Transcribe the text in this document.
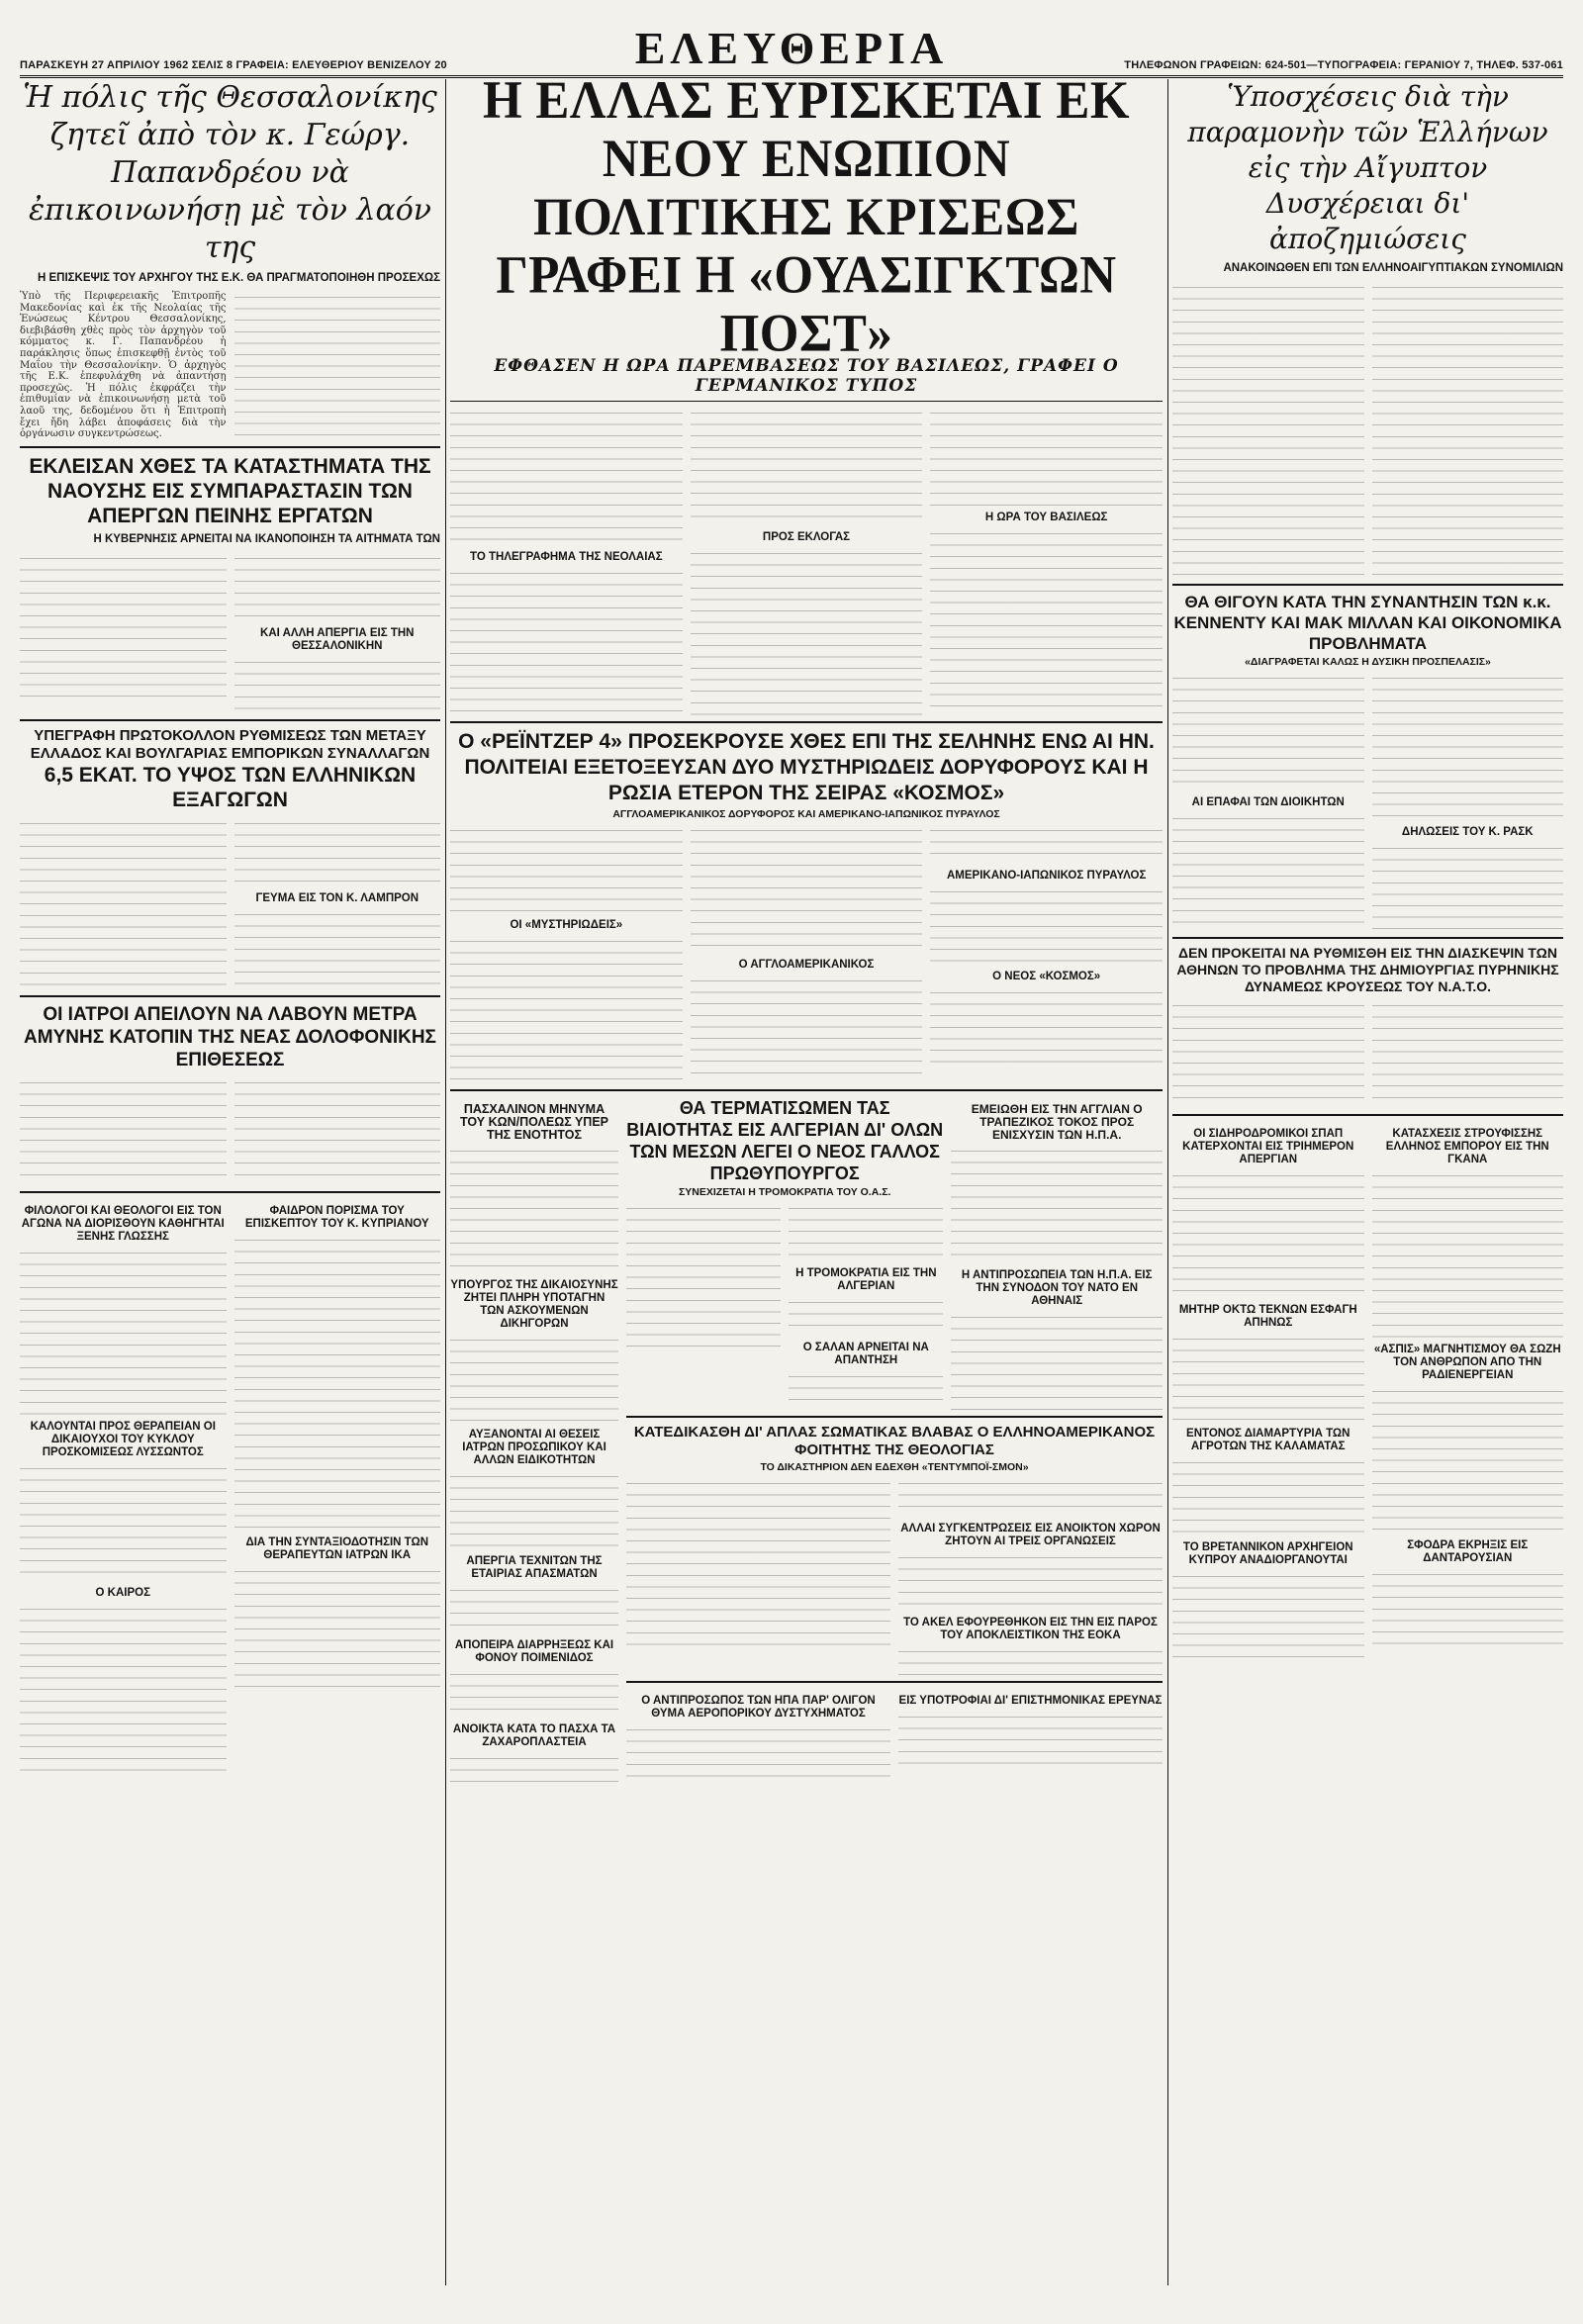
ΠΑΡΑΣΚΕΥΗ 27 ΑΠΡΙΛΙΟΥ 1962 ΣΕΛΙΣ 8 ΓΡΑΦΕΙΑ: ΕΛΕΥΘΕΡΙΟΥ ΒΕΝΙΖΕΛΟΥ 20	ΕΛΕΥΘΕΡΙΑ	ΤΗΛΕΦΩΝΟΝ ΓΡΑΦΕΙΩΝ: 624-501—ΤΥΠΟΓΡΑΦΕΙΑ: ΓΕΡΑΝΙΟΥ 7, ΤΗΛΕΦ. 537-061
Ἡ πόλις τῆς Θεσσαλονίκης ζητεῖ ἀπὸ τὸν κ. Γεώργ. Παπανδρέου νὰ ἐπικοινωνήσῃ μὲ τὸν λαόν της
Η ΕΠΙΣΚΕΨΙΣ ΤΟΥ ΑΡΧΗΓΟΥ ΤΗΣ Ε.Κ. ΘΑ ΠΡΑΓΜΑΤΟΠΟΙΗΘΗ ΠΡΟΣΕΧΩΣ

Ὑπὸ τῆς Περιφερειακῆς Ἐπιτροπῆς Μακεδονίας καὶ ἐκ τῆς Νεολαίας τῆς Ἑνώσεως Κέντρου Θεσσαλονίκης, διεβιβάσθη χθὲς πρὸς τὸν ἀρχηγὸν τοῦ κόμματος κ. Γ. Παπανδρέου ἡ παράκλησις ὅπως ἐπισκεφθῇ ἐντὸς τοῦ Μαΐου τὴν Θεσσαλονίκην. Ὁ ἀρχηγὸς τῆς Ε.Κ. ἐπεφυλάχθη νὰ ἀπαντήσῃ προσεχῶς. Ἡ πόλις ἐκφράζει τὴν ἐπιθυμίαν νὰ ἐπικοινωνήσῃ μετὰ τοῦ λαοῦ της, δεδομένου ὅτι ἡ Ἐπιτροπὴ ἔχει ἤδη λάβει ἀποφάσεις διὰ τὴν ὀργάνωσιν συγκεντρώσεως.

ΕΚΛΕΙΣΑΝ ΧΘΕΣ ΤΑ ΚΑΤΑΣΤΗΜΑΤΑ ΤΗΣ ΝΑΟΥΣΗΣ ΕΙΣ ΣΥΜΠΑΡΑΣΤΑΣΙΝ ΤΩΝ ΑΠΕΡΓΩΝ ΠΕΙΝΗΣ ΕΡΓΑΤΩΝ
Η ΚΥΒΕΡΝΗΣΙΣ ΑΡΝΕΙΤΑΙ ΝΑ ΙΚΑΝΟΠΟΙΗΣΗ ΤΑ ΑΙΤΗΜΑΤΑ ΤΩΝ
ΚΑΙ ΑΛΛΗ ΑΠΕΡΓΙΑ ΕΙΣ ΤΗΝ ΘΕΣΣΑΛΟΝΙΚΗΝ
ΥΠΕΓΡΑΦΗ ΠΡΩΤΟΚΟΛΛΟΝ ΡΥΘΜΙΣΕΩΣ ΤΩΝ ΜΕΤΑΞΥ ΕΛΛΑΔΟΣ ΚΑΙ ΒΟΥΛΓΑΡΙΑΣ ΕΜΠΟΡΙΚΩΝ ΣΥΝΑΛΛΑΓΩΝ
6,5 ΕΚΑΤ. ΤΟ ΥΨΟΣ ΤΩΝ ΕΛΛΗΝΙΚΩΝ ΕΞΑΓΩΓΩΝ
ΓΕΥΜΑ ΕΙΣ ΤΟΝ Κ. ΛΑΜΠΡΟΝ
ΟΙ ΙΑΤΡΟΙ ΑΠΕΙΛΟΥΝ ΝΑ ΛΑΒΟΥΝ ΜΕΤΡΑ ΑΜΥΝΗΣ ΚΑΤΟΠΙΝ ΤΗΣ ΝΕΑΣ ΔΟΛΟΦΟΝΙΚΗΣ ΕΠΙΘΕΣΕΩΣ
ΦΙΛΟΛΟΓΟΙ ΚΑΙ ΘΕΟΛΟΓΟΙ ΕΙΣ ΤΟΝ ΑΓΩΝΑ ΝΑ ΔΙΟΡΙΣΘΟΥΝ ΚΑΘΗΓΗΤΑΙ ΞΕΝΗΣ ΓΛΩΣΣΗΣ
ΚΑΛΟΥΝΤΑΙ ΠΡΟΣ ΘΕΡΑΠΕΙΑΝ ΟΙ ΔΙΚΑΙΟΥΧΟΙ ΤΟΥ ΚΥΚΛΟΥ ΠΡΟΣΚΟΜΙΣΕΩΣ ΛΥΣΣΩΝΤΟΣ
Ο ΚΑΙΡΟΣ
ΦΑΙΔΡΟΝ ΠΟΡΙΣΜΑ ΤΟΥ ΕΠΙΣΚΕΠΤΟΥ ΤΟΥ Κ. ΚΥΠΡΙΑΝΟΥ
ΔΙΑ ΤΗΝ ΣΥΝΤΑΞΙΟΔΟΤΗΣΙΝ ΤΩΝ ΘΕΡΑΠΕΥΤΩΝ ΙΑΤΡΩΝ ΙΚΑ
Η ΕΛΛΑΣ ΕΥΡΙΣΚΕΤΑΙ ΕΚ ΝΕΟΥ ΕΝΩΠΙΟΝ ΠΟΛΙΤΙΚΗΣ ΚΡΙΣΕΩΣ ΓΡΑΦΕΙ Η «ΟΥΑΣΙΓΚΤΩΝ ΠΟΣΤ»
ΕΦΘΑΣΕΝ Η ΩΡΑ ΠΑΡΕΜΒΑΣΕΩΣ ΤΟΥ ΒΑΣΙΛΕΩΣ, ΓΡΑΦΕΙ Ο ΓΕΡΜΑΝΙΚΟΣ ΤΥΠΟΣ
ΤΟ ΤΗΛΕΓΡΑΦΗΜΑ ΤΗΣ ΝΕΟΛΑΙΑΣ
ΠΡΟΣ ΕΚΛΟΓΑΣ
Η ΩΡΑ ΤΟΥ ΒΑΣΙΛΕΩΣ
Ο «ΡΕΪΝΤΖΕΡ 4» ΠΡΟΣΕΚΡΟΥΣΕ ΧΘΕΣ ΕΠΙ ΤΗΣ ΣΕΛΗΝΗΣ ΕΝΩ ΑΙ ΗΝ. ΠΟΛΙΤΕΙΑΙ ΕΞΕΤΟΞΕΥΣΑΝ ΔΥΟ ΜΥΣΤΗΡΙΩΔΕΙΣ ΔΟΡΥΦΟΡΟΥΣ ΚΑΙ Η ΡΩΣΙΑ ΕΤΕΡΟΝ ΤΗΣ ΣΕΙΡΑΣ «ΚΟΣΜΟΣ»
ΑΓΓΛΟΑΜΕΡΙΚΑΝΙΚΟΣ ΔΟΡΥΦΟΡΟΣ ΚΑΙ ΑΜΕΡΙΚΑΝΟ-ΙΑΠΩΝΙΚΟΣ ΠΥΡΑΥΛΟΣ
ΟΙ «ΜΥΣΤΗΡΙΩΔΕΙΣ»
Ο ΑΓΓΛΟΑΜΕΡΙΚΑΝΙΚΟΣ
ΑΜΕΡΙΚΑΝΟ-ΙΑΠΩΝΙΚΟΣ ΠΥΡΑΥΛΟΣ
Ο ΝΕΟΣ «ΚΟΣΜΟΣ»
ΠΑΣΧΑΛΙΝΟΝ ΜΗΝΥΜΑ ΤΟΥ ΚΩΝ/ΠΟΛΕΩΣ ΥΠΕΡ ΤΗΣ ΕΝΟΤΗΤΟΣ
ΥΠΟΥΡΓΟΣ ΤΗΣ ΔΙΚΑΙΟΣΥΝΗΣ ΖΗΤΕΙ ΠΛΗΡΗ ΥΠΟΤΑΓΗΝ ΤΩΝ ΑΣΚΟΥΜΕΝΩΝ ΔΙΚΗΓΟΡΩΝ
ΑΥΞΑΝΟΝΤΑΙ ΑΙ ΘΕΣΕΙΣ ΙΑΤΡΩΝ ΠΡΟΣΩΠΙΚΟΥ ΚΑΙ ΑΛΛΩΝ ΕΙΔΙΚΟΤΗΤΩΝ
ΑΠΕΡΓΙΑ ΤΕΧΝΙΤΩΝ ΤΗΣ ΕΤΑΙΡΙΑΣ ΑΠΑΣΜΑΤΩΝ
ΑΠΟΠΕΙΡΑ ΔΙΑΡΡΗΞΕΩΣ ΚΑΙ ΦΟΝΟΥ ΠΟΙΜΕΝΙΔΟΣ
ΑΝΟΙΚΤΑ ΚΑΤΑ ΤΟ ΠΑΣΧΑ ΤΑ ΖΑΧΑΡΟΠΛΑΣΤΕΙΑ
ΘΑ ΤΕΡΜΑΤΙΣΩΜΕΝ ΤΑΣ ΒΙΑΙΟΤΗΤΑΣ ΕΙΣ ΑΛΓΕΡΙΑΝ ΔΙ' ΟΛΩΝ ΤΩΝ ΜΕΣΩΝ ΛΕΓΕΙ Ο ΝΕΟΣ ΓΑΛΛΟΣ ΠΡΩΘΥΠΟΥΡΓΟΣ
ΣΥΝΕΧΙΖΕΤΑΙ Η ΤΡΟΜΟΚΡΑΤΙΑ ΤΟΥ Ο.Α.Σ.
Η ΤΡΟΜΟΚΡΑΤΙΑ ΕΙΣ ΤΗΝ ΑΛΓΕΡΙΑΝ
Ο ΣΑΛΑΝ ΑΡΝΕΙΤΑΙ ΝΑ ΑΠΑΝΤΗΣΗ
ΕΜΕΙΩΘΗ ΕΙΣ ΤΗΝ ΑΓΓΛΙΑΝ Ο ΤΡΑΠΕΖΙΚΟΣ ΤΟΚΟΣ ΠΡΟΣ ΕΝΙΣΧΥΣΙΝ ΤΩΝ Η.Π.Α.
Η ΑΝΤΙΠΡΟΣΩΠΕΙΑ ΤΩΝ Η.Π.Α. ΕΙΣ ΤΗΝ ΣΥΝΟΔΟΝ ΤΟΥ ΝΑΤΟ ΕΝ ΑΘΗΝΑΙΣ
ΚΑΤΕΔΙΚΑΣΘΗ ΔΙ' ΑΠΛΑΣ ΣΩΜΑΤΙΚΑΣ ΒΛΑΒΑΣ Ο ΕΛΛΗΝΟΑΜΕΡΙΚΑΝΟΣ ΦΟΙΤΗΤΗΣ ΤΗΣ ΘΕΟΛΟΓΙΑΣ
ΤΟ ΔΙΚΑΣΤΗΡΙΟΝ ΔΕΝ ΕΔΕΧΘΗ «ΤΕΝΤΥΜΠΟΪ-ΣΜΟΝ»
ΑΛΛΑΙ ΣΥΓΚΕΝΤΡΩΣΕΙΣ ΕΙΣ ΑΝΟΙΚΤΟΝ ΧΩΡΟΝ ΖΗΤΟΥΝ ΑΙ ΤΡΕΙΣ ΟΡΓΑΝΩΣΕΙΣ
ΤΟ ΑΚΕΛ ΕΦΟΥΡΕΘΗΚΟΝ ΕΙΣ ΤΗΝ ΕΙΣ ΠΑΡΟΣ ΤΟΥ ΑΠΟΚΛΕΙΣΤΙΚΟΝ ΤΗΣ ΕΟΚΑ
Ο ΑΝΤΙΠΡΟΣΩΠΟΣ ΤΩΝ ΗΠΑ ΠΑΡ' ΟΛΙΓΟΝ ΘΥΜΑ ΑΕΡΟΠΟΡΙΚΟΥ ΔΥΣΤΥΧΗΜΑΤΟΣ
ΕΙΣ ΥΠΟΤΡΟΦΙΑΙ ΔΙ' ΕΠΙΣΤΗΜΟΝΙΚΑΣ ΕΡΕΥΝΑΣ
Ὑποσχέσεις διὰ τὴν παραμονὴν τῶν Ἑλλήνων εἰς τὴν Αἴγυπτον Δυσχέρειαι δι' ἀποζημιώσεις
ΑΝΑΚΟΙΝΩΘΕΝ ΕΠΙ ΤΩΝ ΕΛΛΗΝΟΑΙΓΥΠΤΙΑΚΩΝ ΣΥΝΟΜΙΛΙΩΝ
ΘΑ ΘΙΓΟΥΝ ΚΑΤΑ ΤΗΝ ΣΥΝΑΝΤΗΣΙΝ ΤΩΝ κ.κ. ΚΕΝΝΕΝΤΥ ΚΑΙ ΜΑΚ ΜΙΛΛΑΝ ΚΑΙ ΟΙΚΟΝΟΜΙΚΑ ΠΡΟΒΛΗΜΑΤΑ
«ΔΙΑΓΡΑΦΕΤΑΙ ΚΑΛΩΣ Η ΔΥΣΙΚΗ ΠΡΟΣΠΕΛΑΣΙΣ»
ΑΙ ΕΠΑΦΑΙ ΤΩΝ ΔΙΟΙΚΗΤΩΝ
ΔΗΛΩΣΕΙΣ ΤΟΥ Κ. ΡΑΣΚ
ΔΕΝ ΠΡΟΚΕΙΤΑΙ ΝΑ ΡΥΘΜΙΣΘΗ ΕΙΣ ΤΗΝ ΔΙΑΣΚΕΨΙΝ ΤΩΝ ΑΘΗΝΩΝ ΤΟ ΠΡΟΒΛΗΜΑ ΤΗΣ ΔΗΜΙΟΥΡΓΙΑΣ ΠΥΡΗΝΙΚΗΣ ΔΥΝΑΜΕΩΣ ΚΡΟΥΣΕΩΣ ΤΟΥ Ν.Α.Τ.Ο.
ΟΙ ΣΙΔΗΡΟΔΡΟΜΙΚΟΙ ΣΠΑΠ ΚΑΤΕΡΧΟΝΤΑΙ ΕΙΣ ΤΡΙΗΜΕΡΟΝ ΑΠΕΡΓΙΑΝ
ΜΗΤΗΡ ΟΚΤΩ ΤΕΚΝΩΝ ΕΣΦΑΓΗ ΑΠΗΝΩΣ
ΕΝΤΟΝΟΣ ΔΙΑΜΑΡΤΥΡΙΑ ΤΩΝ ΑΓΡΟΤΩΝ ΤΗΣ ΚΑΛΑΜΑΤΑΣ
ΤΟ ΒΡΕΤΑΝΝΙΚΟΝ ΑΡΧΗΓΕΙΟΝ ΚΥΠΡΟΥ ΑΝΑΔΙΟΡΓΑΝΟΥΤΑΙ
ΚΑΤΑΣΧΕΣΙΣ ΣΤΡΟΥΦΙΣΣΗΣ ΕΛΛΗΝΟΣ ΕΜΠΟΡΟΥ ΕΙΣ ΤΗΝ ΓΚΑΝΑ
«ΑΣΠΙΣ» ΜΑΓΝΗΤΙΣΜΟΥ ΘΑ ΣΩΖΗ ΤΟΝ ΑΝΘΡΩΠΟΝ ΑΠΟ ΤΗΝ ΡΑΔΙΕΝΕΡΓΕΙΑΝ
ΣΦΟΔΡΑ ΕΚΡΗΞΙΣ ΕΙΣ ΔΑΝΤΑΡΟΥΣΙΑΝ
